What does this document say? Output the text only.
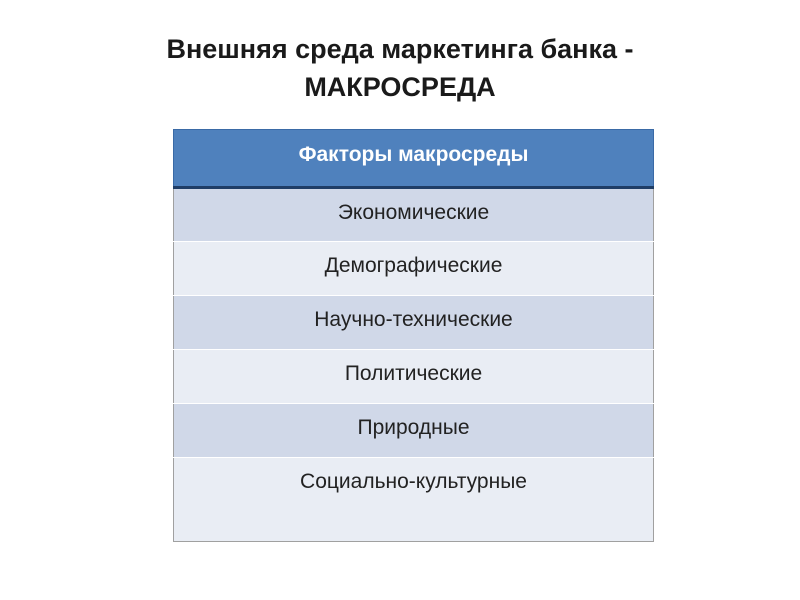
Внешняя среда маркетинга банка -
МАКРОСРЕДА
Факторы макросреды
Экономические
Демографические
Научно-технические
Политические
Природные
Социально-культурные
